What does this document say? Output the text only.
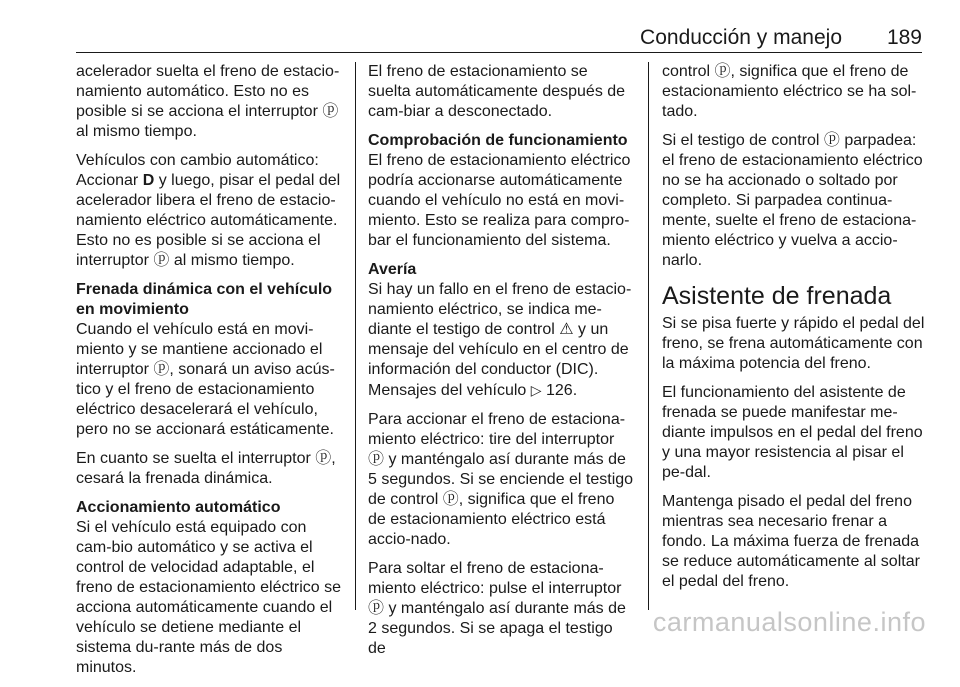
Conducción y manejo 189

acelerador suelta el freno de estacio-namiento automático. Esto no es posible si se acciona el interruptor ⓟ al mismo tiempo.

Vehículos con cambio automático: Accionar D y luego, pisar el pedal del acelerador libera el freno de estacio-namiento eléctrico automáticamente. Esto no es posible si se acciona el interruptor ⓟ al mismo tiempo.

Frenada dinámica con el vehículo en movimiento

Cuando el vehículo está en movi-miento y se mantiene accionado el interruptor ⓟ, sonará un aviso acús-tico y el freno de estacionamiento eléctrico desacelerará el vehículo, pero no se accionará estáticamente.

En cuanto se suelta el interruptor ⓟ, cesará la frenada dinámica.

Accionamiento automático

Si el vehículo está equipado con cam-bio automático y se activa el control de velocidad adaptable, el freno de estacionamiento eléctrico se acciona automáticamente cuando el vehículo se detiene mediante el sistema du-rante más de dos minutos.

El freno de estacionamiento se suelta automáticamente después de cam-biar a desconectado.

Comprobación de funcionamiento

El freno de estacionamiento eléctrico podría accionarse automáticamente cuando el vehículo no está en movi-miento. Esto se realiza para compro-bar el funcionamiento del sistema.

Avería

Si hay un fallo en el freno de estacio-namiento eléctrico, se indica me-diante el testigo de control ⚠ y un mensaje del vehículo en el centro de información del conductor (DIC). Mensajes del vehículo ▷ 126.

Para accionar el freno de estaciona-miento eléctrico: tire del interruptor ⓟ y manténgalo así durante más de 5 segundos. Si se enciende el testigo de control ⓟ, significa que el freno de estacionamiento eléctrico está accio-nado.

Para soltar el freno de estaciona-miento eléctrico: pulse el interruptor ⓟ y manténgalo así durante más de 2 segundos. Si se apaga el testigo de

control ⓟ, significa que el freno de estacionamiento eléctrico se ha sol-tado.

Si el testigo de control ⓟ parpadea: el freno de estacionamiento eléctrico no se ha accionado o soltado por completo. Si parpadea continua-mente, suelte el freno de estaciona-miento eléctrico y vuelva a accio-narlo.

Asistente de frenada

Si se pisa fuerte y rápido el pedal del freno, se frena automáticamente con la máxima potencia del freno.

El funcionamiento del asistente de frenada se puede manifestar me-diante impulsos en el pedal del freno y una mayor resistencia al pisar el pe-dal.

Mantenga pisado el pedal del freno mientras sea necesario frenar a fondo. La máxima fuerza de frenada se reduce automáticamente al soltar el pedal del freno.

carmanualsonline.info
